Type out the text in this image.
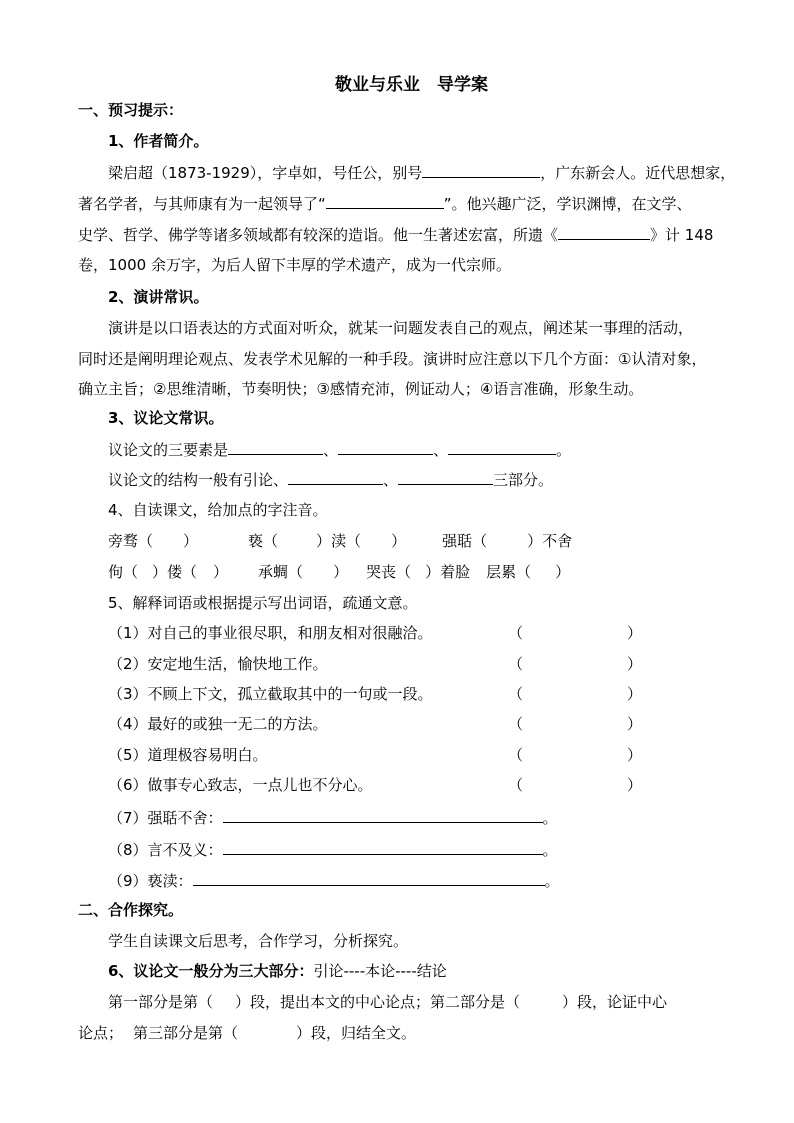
敬业与乐业　导学案
一、预习提示：
1、作者简介。
梁启超（1873-1929），字卓如，号任公，别号	，广东新会人。近代思想家，
著名学者，与其师康有为一起领导了“	”。他兴趣广泛，学识渊博，在文学、
史学、哲学、佛学等诸多领域都有较深的造诣。他一生著述宏富，所遗《	》计 148
卷，1000 余万字，为后人留下丰厚的学术遗产，成为一代宗师。
2、演讲常识。
演讲是以口语表达的方式面对听众，就某一问题发表自己的观点，阐述某一事理的活动，
同时还是阐明理论观点、发表学术见解的一种手段。演讲时应注意以下几个方面：①认清对象，
确立主旨；②思维清晰，节奏明快；③感情充沛，例证动人；④语言准确，形象生动。
3、议论文常识。
议论文的三要素是	、	、	。
议论文的结构一般有引论、	、	三部分。
4、自读课文，给加点的字注音。
旁骛（ ）	亵（	）渎（ ） 强聒（	）不舍
佝（ ）偻（ ） 承蜩（ ） 哭丧（ ）着脸 层累（ ）
5、解释词语或根据提示写出词语，疏通文意。
（1）对自己的事业很尽职，和朋友相对很融洽。	（	）
（2）安定地生活，愉快地工作。	（	）
（3）不顾上下文，孤立截取其中的一句或一段。	（	）
（4）最好的或独一无二的方法。	（	）
（5）道理极容易明白。	（	）
（6）做事专心致志，一点儿也不分心。	（	）
（7）强聒不舍：	。
（8）言不及义：	。
（9）亵渎：	。
二、合作探究。
学生自读课文后思考，合作学习，分析探究。
6、议论文一般分为三大部分：引论----本论----结论
第一部分是第（ ）段，提出本文的中心论点；第二部分是（	）段，论证中心
论点； 第三部分是第（	）段，归结全文。
